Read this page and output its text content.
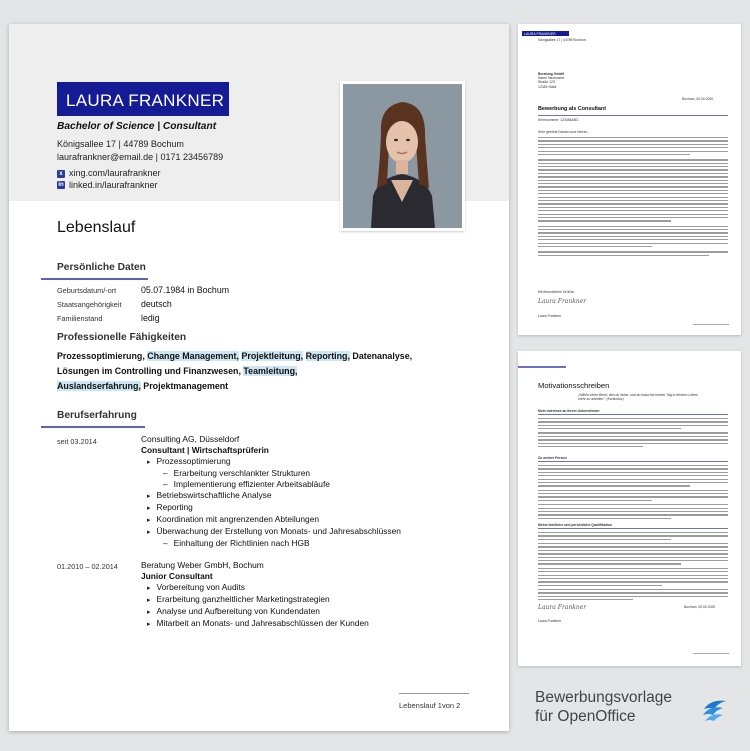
LAURA FRANKNER
Bachelor of Science | Consultant
Königsallee 17 | 44789 Bochum
laurafrankner@email.de | 0171 23456789
x xing.com/laurafrankner
in linked.in/laurafrankner
Lebenslauf
Persönliche Daten
Geburtsdatum/-ort	05.07.1984 in Bochum
Staatsangehörigkeit deutsch
Familienstand	ledig
Professionelle Fähigkeiten
Prozessoptimierung, Change Management, Projektleitung, Reporting, Datenanalyse,
Lösungen im Controlling und Finanzwesen, Teamleitung,
Auslandserfahrung, Projektmanagement
Berufserfahrung
seit 03.2014	Consulting AG, Düsseldorf
Consultant | Wirtschaftsprüferin
▸ Prozessoptimierung
– Erarbeitung verschlankter Strukturen
– Implementierung effizienter Arbeitsabläufe
▸ Betriebswirtschaftliche Analyse
▸ Reporting
▸ Koordination mit angrenzenden Abteilungen
▸ Überwachung der Erstellung von Monats- und Jahresabschlüssen
– Einhaltung der Richtlinien nach HGB
01.2010 – 02.2014	Beratung Weber GmbH, Bochum
Junior Consultant
▸ Vorbereitung von Audits
▸ Erarbeitung ganzheitlicher Marketingstrategien
▸ Analyse und Aufbereitung von Kundendaten
▸ Mitarbeit an Monats- und Jahresabschlüssen der Kunden
Lebenslauf 1von 2
LAURA FRANKNER
Königsallee 17 | 44789 Bochum
Beratung GmbH
Name Nachname
Straße 123
12345 Stadt
Bochum, 00.00.2020
Bewerbung als Consultant
Kennnummer: 123456ABC
Sehr geehrte Damen und Herren,
Mit freundlichen Grüßen
Laura Frankner
Laura Frankner
Motivationsschreiben
„Wähle einen Beruf, den du liebst, und du brauchst keinen Tag in deinem Leben mehr zu arbeiten.“ (Konfuzius)
Mein Interesse an Ihrem Unternehmen
Zu meiner Person
Meine fachliche und persönliche Qualifikation
Laura Frankner	Bochum, 00.00.2020
Laura Frankner
Bewerbungsvorlage
für OpenOffice
